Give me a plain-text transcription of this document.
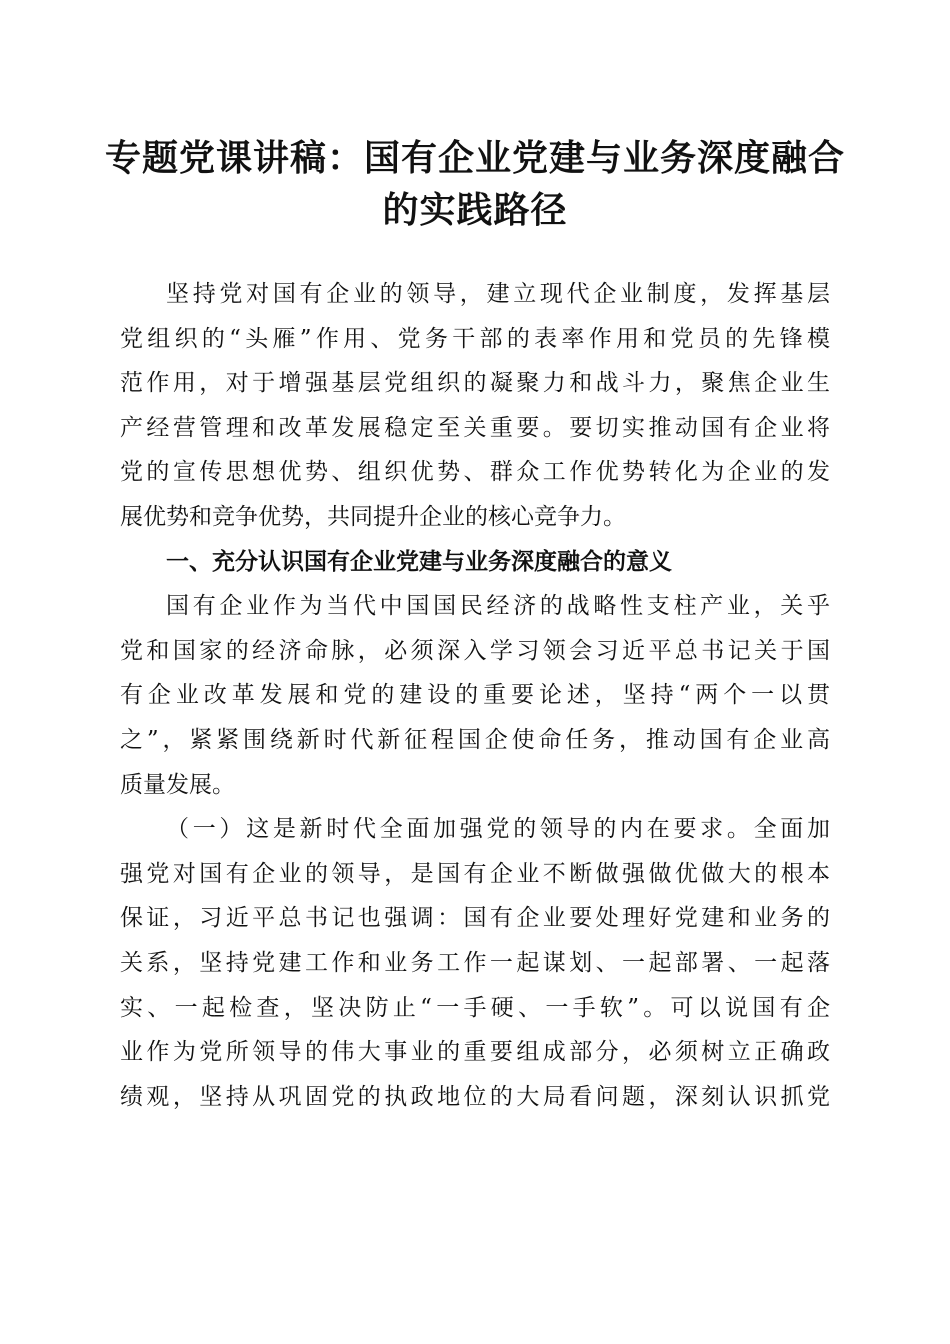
专题党课讲稿：国有企业党建与业务深度融合
的实践路径
坚持党对国有企业的领导，建立现代企业制度，发挥基层
党组织的“头雁”作用、党务干部的表率作用和党员的先锋模
范作用，对于增强基层党组织的凝聚力和战斗力，聚焦企业生
产经营管理和改革发展稳定至关重要。要切实推动国有企业将
党的宣传思想优势、组织优势、群众工作优势转化为企业的发
展优势和竞争优势，共同提升企业的核心竞争力。
一、充分认识国有企业党建与业务深度融合的意义
国有企业作为当代中国国民经济的战略性支柱产业，关乎
党和国家的经济命脉，必须深入学习领会习近平总书记关于国
有企业改革发展和党的建设的重要论述，坚持“两个一以贯
之”，紧紧围绕新时代新征程国企使命任务，推动国有企业高
质量发展。
（一）这是新时代全面加强党的领导的内在要求。全面加
强党对国有企业的领导，是国有企业不断做强做优做大的根本
保证，习近平总书记也强调：国有企业要处理好党建和业务的
关系，坚持党建工作和业务工作一起谋划、一起部署、一起落
实、一起检查，坚决防止“一手硬、一手软”。可以说国有企
业作为党所领导的伟大事业的重要组成部分，必须树立正确政
绩观，坚持从巩固党的执政地位的大局看问题，深刻认识抓党
